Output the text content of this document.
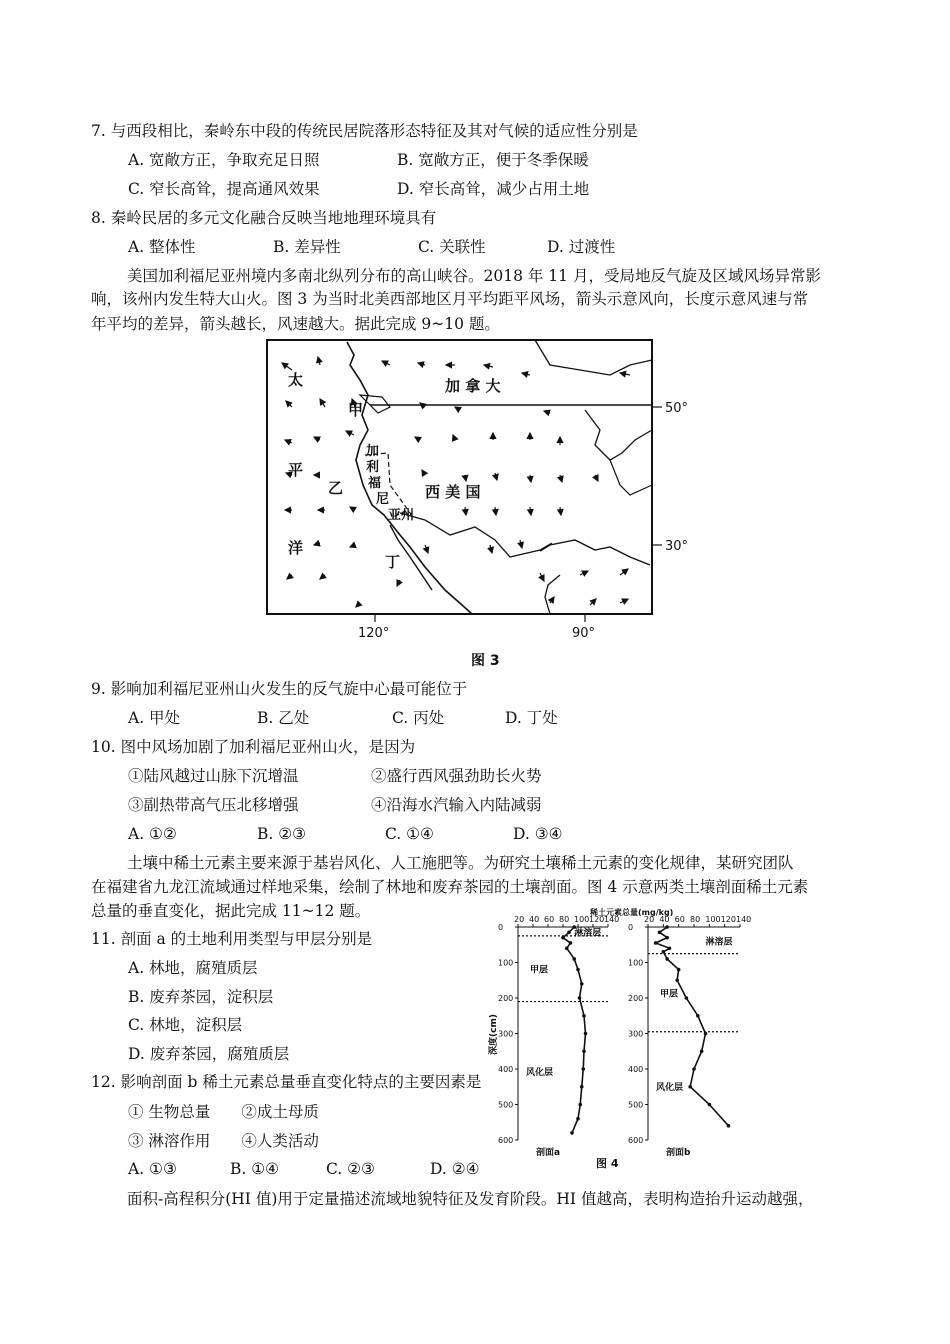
7. 与西段相比，秦岭东中段的传统民居院落形态特征及其对气候的适应性分别是
A. 宽敞方正，争取充足日照	B. 宽敞方正，便于冬季保暖
C. 窄长高耸，提高通风效果	D. 窄长高耸，减少占用土地
8. 秦岭民居的多元文化融合反映当地地理环境具有
A. 整体性	B. 差异性	C. 关联性	D. 过渡性
美国加利福尼亚州境内多南北纵列分布的高山峡谷。2018 年 11 月，受局地反气旋及区域风场异常影
响，该州内发生特大山火。图 3 为当时北美西部地区月平均距平风场，箭头示意风向，长度示意风速与常
年平均的差异，箭头越长，风速越大。据此完成 9~10 题。
加 拿 大
西 美 国
太
平
洋
甲
乙
丁
加
利
福
尼
亚州
50°
30°
120°	90°
图 3
9. 影响加利福尼亚州山火发生的反气旋中心最可能位于
A. 甲处	B. 乙处	C. 丙处	D. 丁处
10. 图中风场加剧了加利福尼亚州山火，是因为
①陆风越过山脉下沉增温	②盛行西风强劲助长火势
③副热带高气压北移增强	④沿海水汽输入内陆减弱
A. ①②	B. ②③	C. ①④	D. ③④
土壤中稀土元素主要来源于基岩风化、人工施肥等。为研究土壤稀土元素的变化规律，某研究团队
在福建省九龙江流域通过样地采集，绘制了林地和废弃茶园的土壤剖面。图 4 示意两类土壤剖面稀土元素
总量的垂直变化，据此完成 11~12 题。
11. 剖面 a 的土地利用类型与甲层分别是
A. 林地，腐殖质层
B. 废弃茶园，淀积层
C. 林地，淀积层
D. 废弃茶园，腐殖质层
12. 影响剖面 b 稀土元素总量垂直变化特点的主要因素是
① 生物总量　　②成土母质
③ 淋溶作用　　④人类活动
A. ①③	B. ①④	C. ②③	D. ②④
面积-高程积分(HI 值)用于定量描述流域地貌特征及发育阶段。HI 值越高，表明构造抬升运动越强，
稀土元素总量(mg/kg)
深度(cm)
20 40 60 80 100 120 140
0
100
200
300
400
500
600
淋溶层
甲层
风化层
剖面a
20 40 60 80 100 120 140
0
100
200
300
400
500
600
淋溶层
甲层
风化层
剖面b
图 4
